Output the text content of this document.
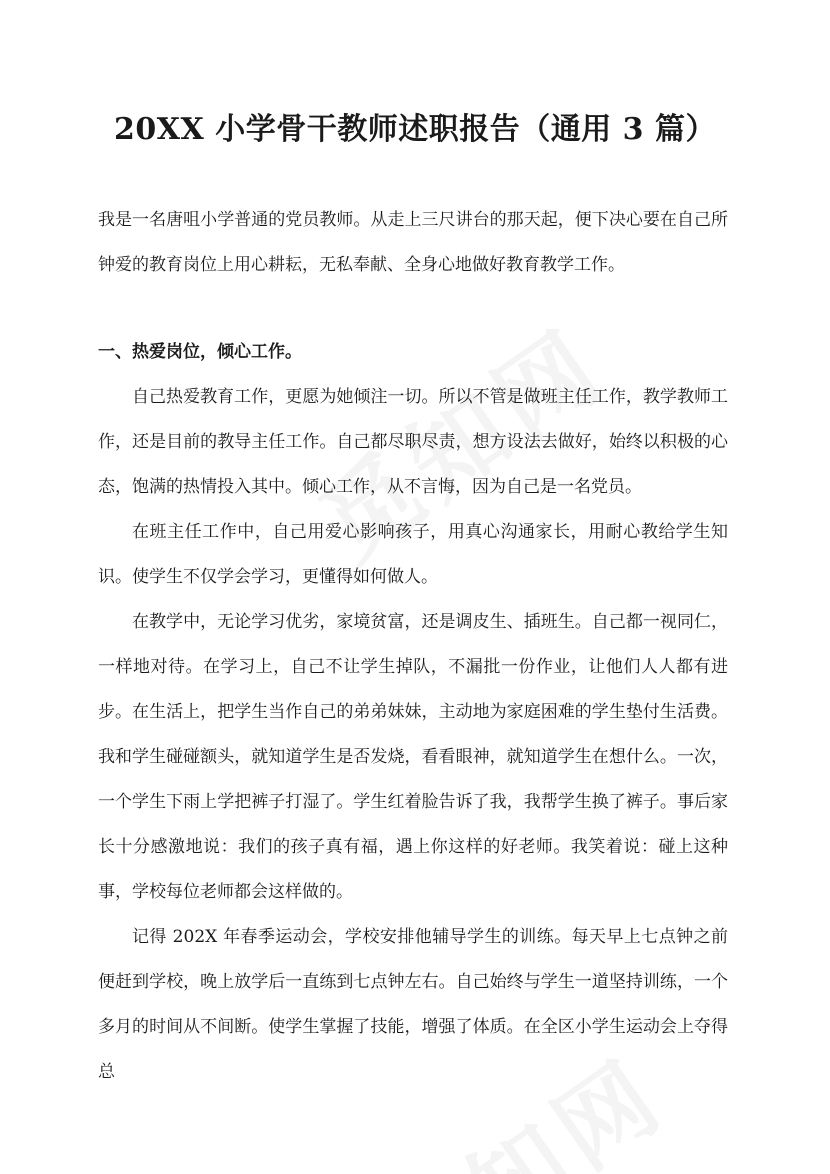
20XX 小学骨干教师述职报告（通用 3 篇）

我是一名唐咀小学普通的党员教师。从走上三尺讲台的那天起，便下决心要在自己所钟爱的教育岗位上用心耕耘，无私奉献、全身心地做好教育教学工作。

一、热爱岗位，倾心工作。

自己热爱教育工作，更愿为她倾注一切。所以不管是做班主任工作，教学教师工作，还是目前的教导主任工作。自己都尽职尽责，想方设法去做好，始终以积极的心态，饱满的热情投入其中。倾心工作，从不言悔，因为自己是一名党员。

在班主任工作中，自己用爱心影响孩子，用真心沟通家长，用耐心教给学生知识。使学生不仅学会学习，更懂得如何做人。

在教学中，无论学习优劣，家境贫富，还是调皮生、插班生。自己都一视同仁，一样地对待。在学习上，自己不让学生掉队，不漏批一份作业，让他们人人都有进步。在生活上，把学生当作自己的弟弟妹妹，主动地为家庭困难的学生垫付生活费。我和学生碰碰额头，就知道学生是否发烧，看看眼神，就知道学生在想什么。一次，一个学生下雨上学把裤子打湿了。学生红着脸告诉了我，我帮学生换了裤子。事后家长十分感激地说：我们的孩子真有福，遇上你这样的好老师。我笑着说：碰上这种事，学校每位老师都会这样做的。

记得 202X 年春季运动会，学校安排他辅导学生的训练。每天早上七点钟之前便赶到学校，晚上放学后一直练到七点钟左右。自己始终与学生一道坚持训练，一个多月的时间从不间断。使学生掌握了技能，增强了体质。在全区小学生运动会上夺得总
